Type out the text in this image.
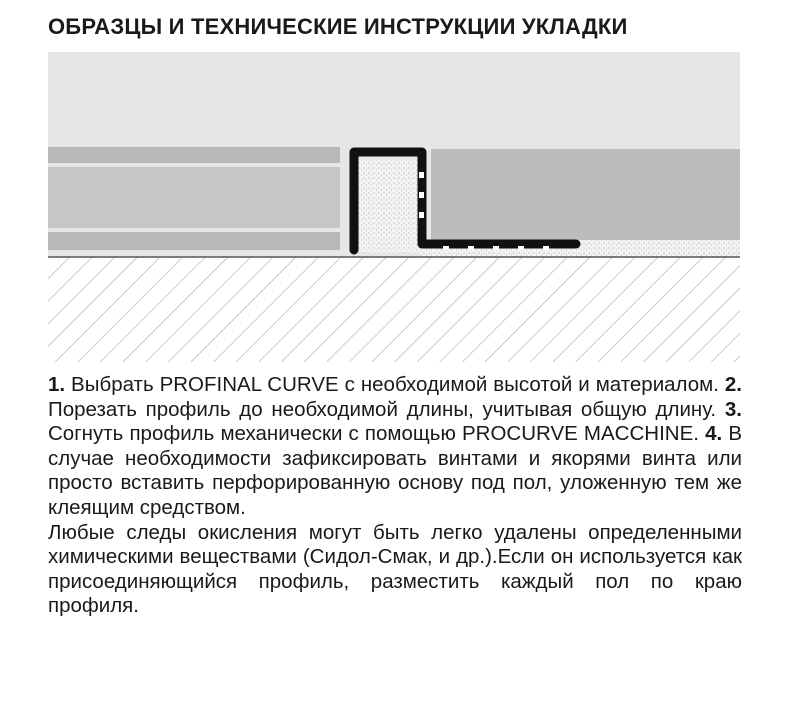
ОБРАЗЦЫ И ТЕХНИЧЕСКИЕ ИНСТРУКЦИИ УКЛАДКИ

1. Выбрать PROFINAL CURVE с необходимой высотой и материалом. 2. Порезать профиль до необходимой длины, учитывая общую длину. 3. Согнуть профиль механически с помощью PROCURVE MACCHINE. 4. В случае необходимости зафиксировать винтами и якорями винта или просто вставить перфорированную основу под пол, уложенную тем же клеящим средством.

Любые следы окисления могут быть легко удалены определенными химическими веществами (Сидол-Смак, и др.).Если он используется как присоединяющийся профиль, разместить каждый пол по краю профиля.
